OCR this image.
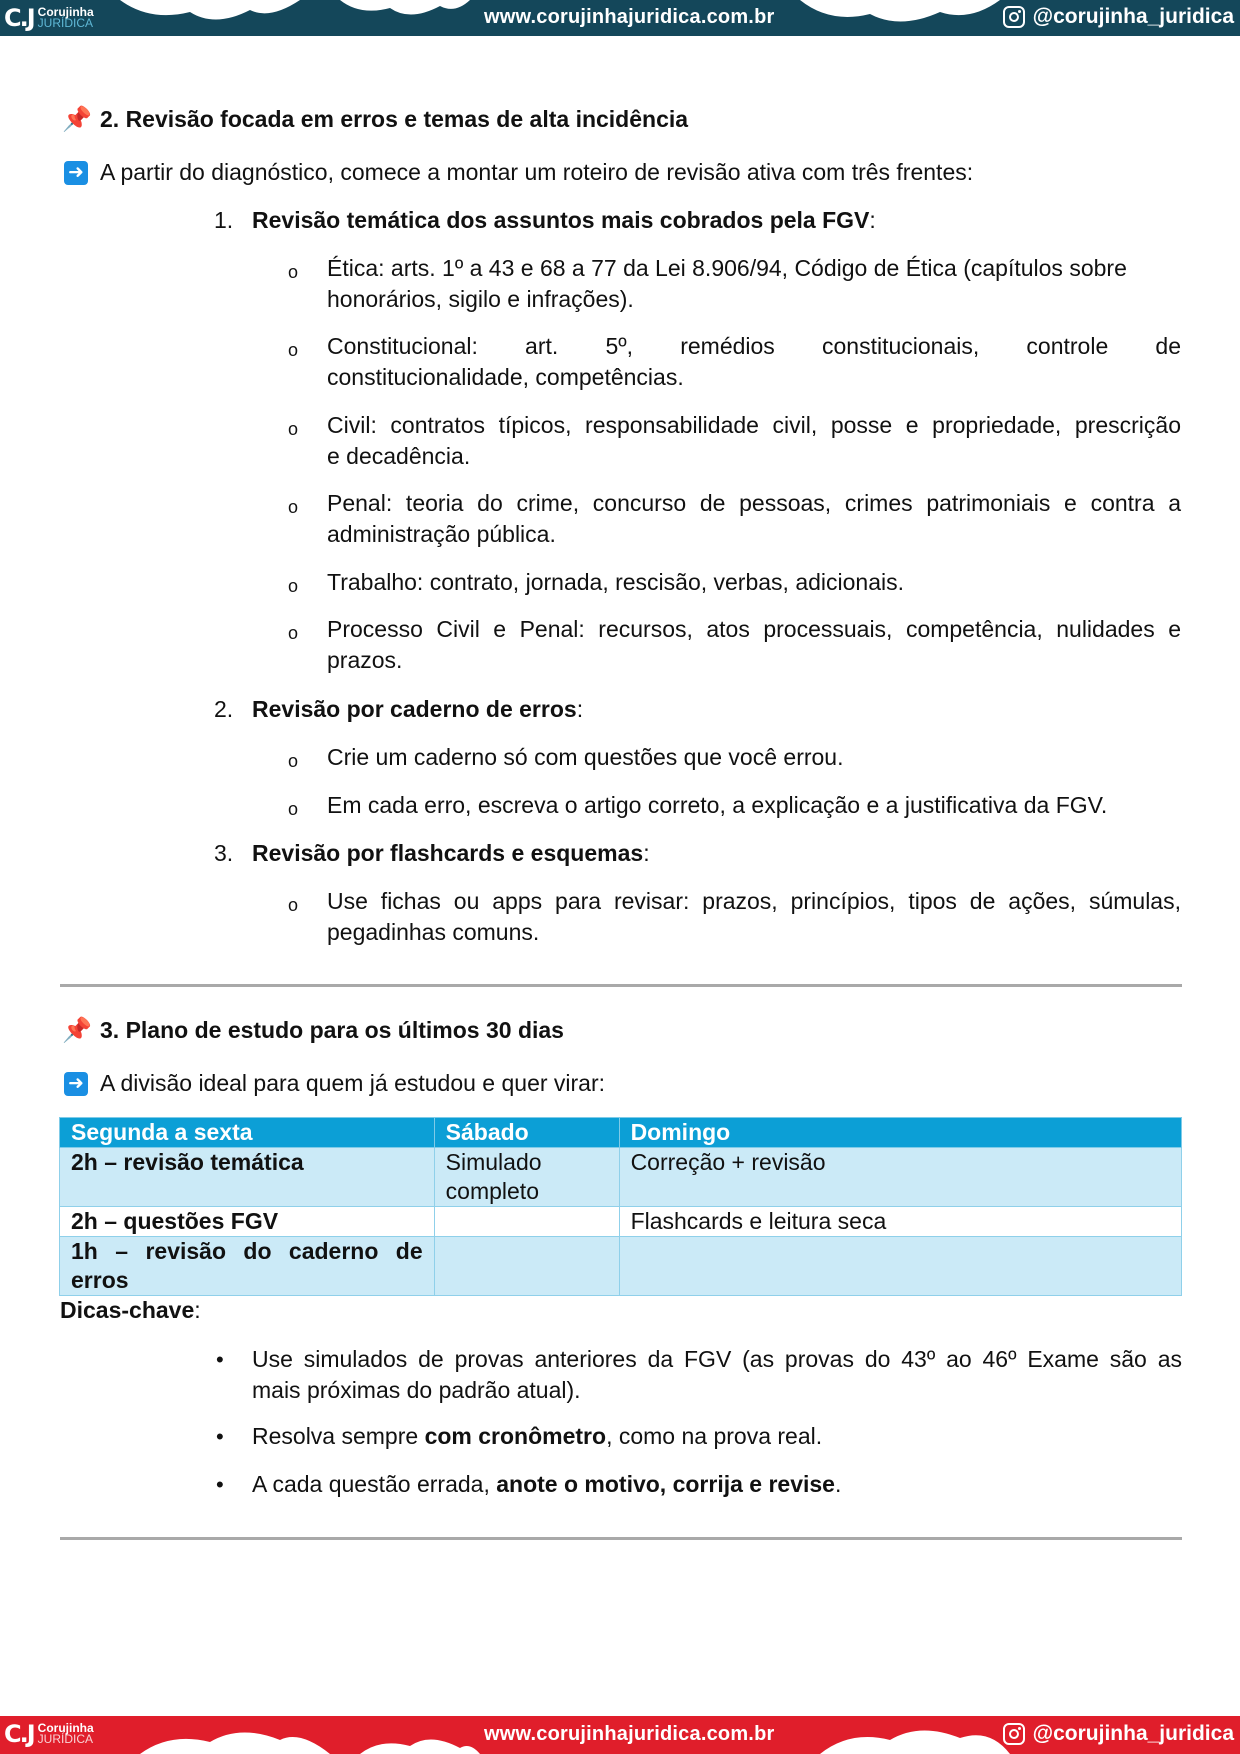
C.J Corujinha
JURÍDICA	www.corujinhajuridica.com.br	@corujinha_juridica
📌 2. Revisão focada em erros e temas de alta incidência
➜ A partir do diagnóstico, comece a montar um roteiro de revisão ativa com três frentes:
1. Revisão temática dos assuntos mais cobrados pela FGV:
o Ética: arts. 1º a 43 e 68 a 77 da Lei 8.906/94, Código de Ética (capítulos sobre
honorários, sigilo e infrações).
o Constitucional: art. 5º, remédios constitucionais, controle de
constitucionalidade, competências.
o Civil: contratos típicos, responsabilidade civil, posse e propriedade, prescrição
e decadência.
o Penal: teoria do crime, concurso de pessoas, crimes patrimoniais e contra a
administração pública.
o Trabalho: contrato, jornada, rescisão, verbas, adicionais.
o Processo Civil e Penal: recursos, atos processuais, competência, nulidades e
prazos.
2. Revisão por caderno de erros:
o Crie um caderno só com questões que você errou.
o Em cada erro, escreva o artigo correto, a explicação e a justificativa da FGV.
3. Revisão por flashcards e esquemas:
o Use fichas ou apps para revisar: prazos, princípios, tipos de ações, súmulas,
pegadinhas comuns.
📌 3. Plano de estudo para os últimos 30 dias
➜ A divisão ideal para quem já estudou e quer virar:
Segunda a sexta	Sábado	Domingo
2h – revisão temática	Simulado completo	Correção + revisão
2h – questões FGV		Flashcards e leitura seca
1h – revisão do caderno de erros		
Dicas-chave:
• Use simulados de provas anteriores da FGV (as provas do 43º ao 46º Exame são as
mais próximas do padrão atual).
• Resolva sempre com cronômetro, como na prova real.
• A cada questão errada, anote o motivo, corrija e revise.
C.J Corujinha
JURÍDICA	www.corujinhajuridica.com.br	@corujinha_juridica
